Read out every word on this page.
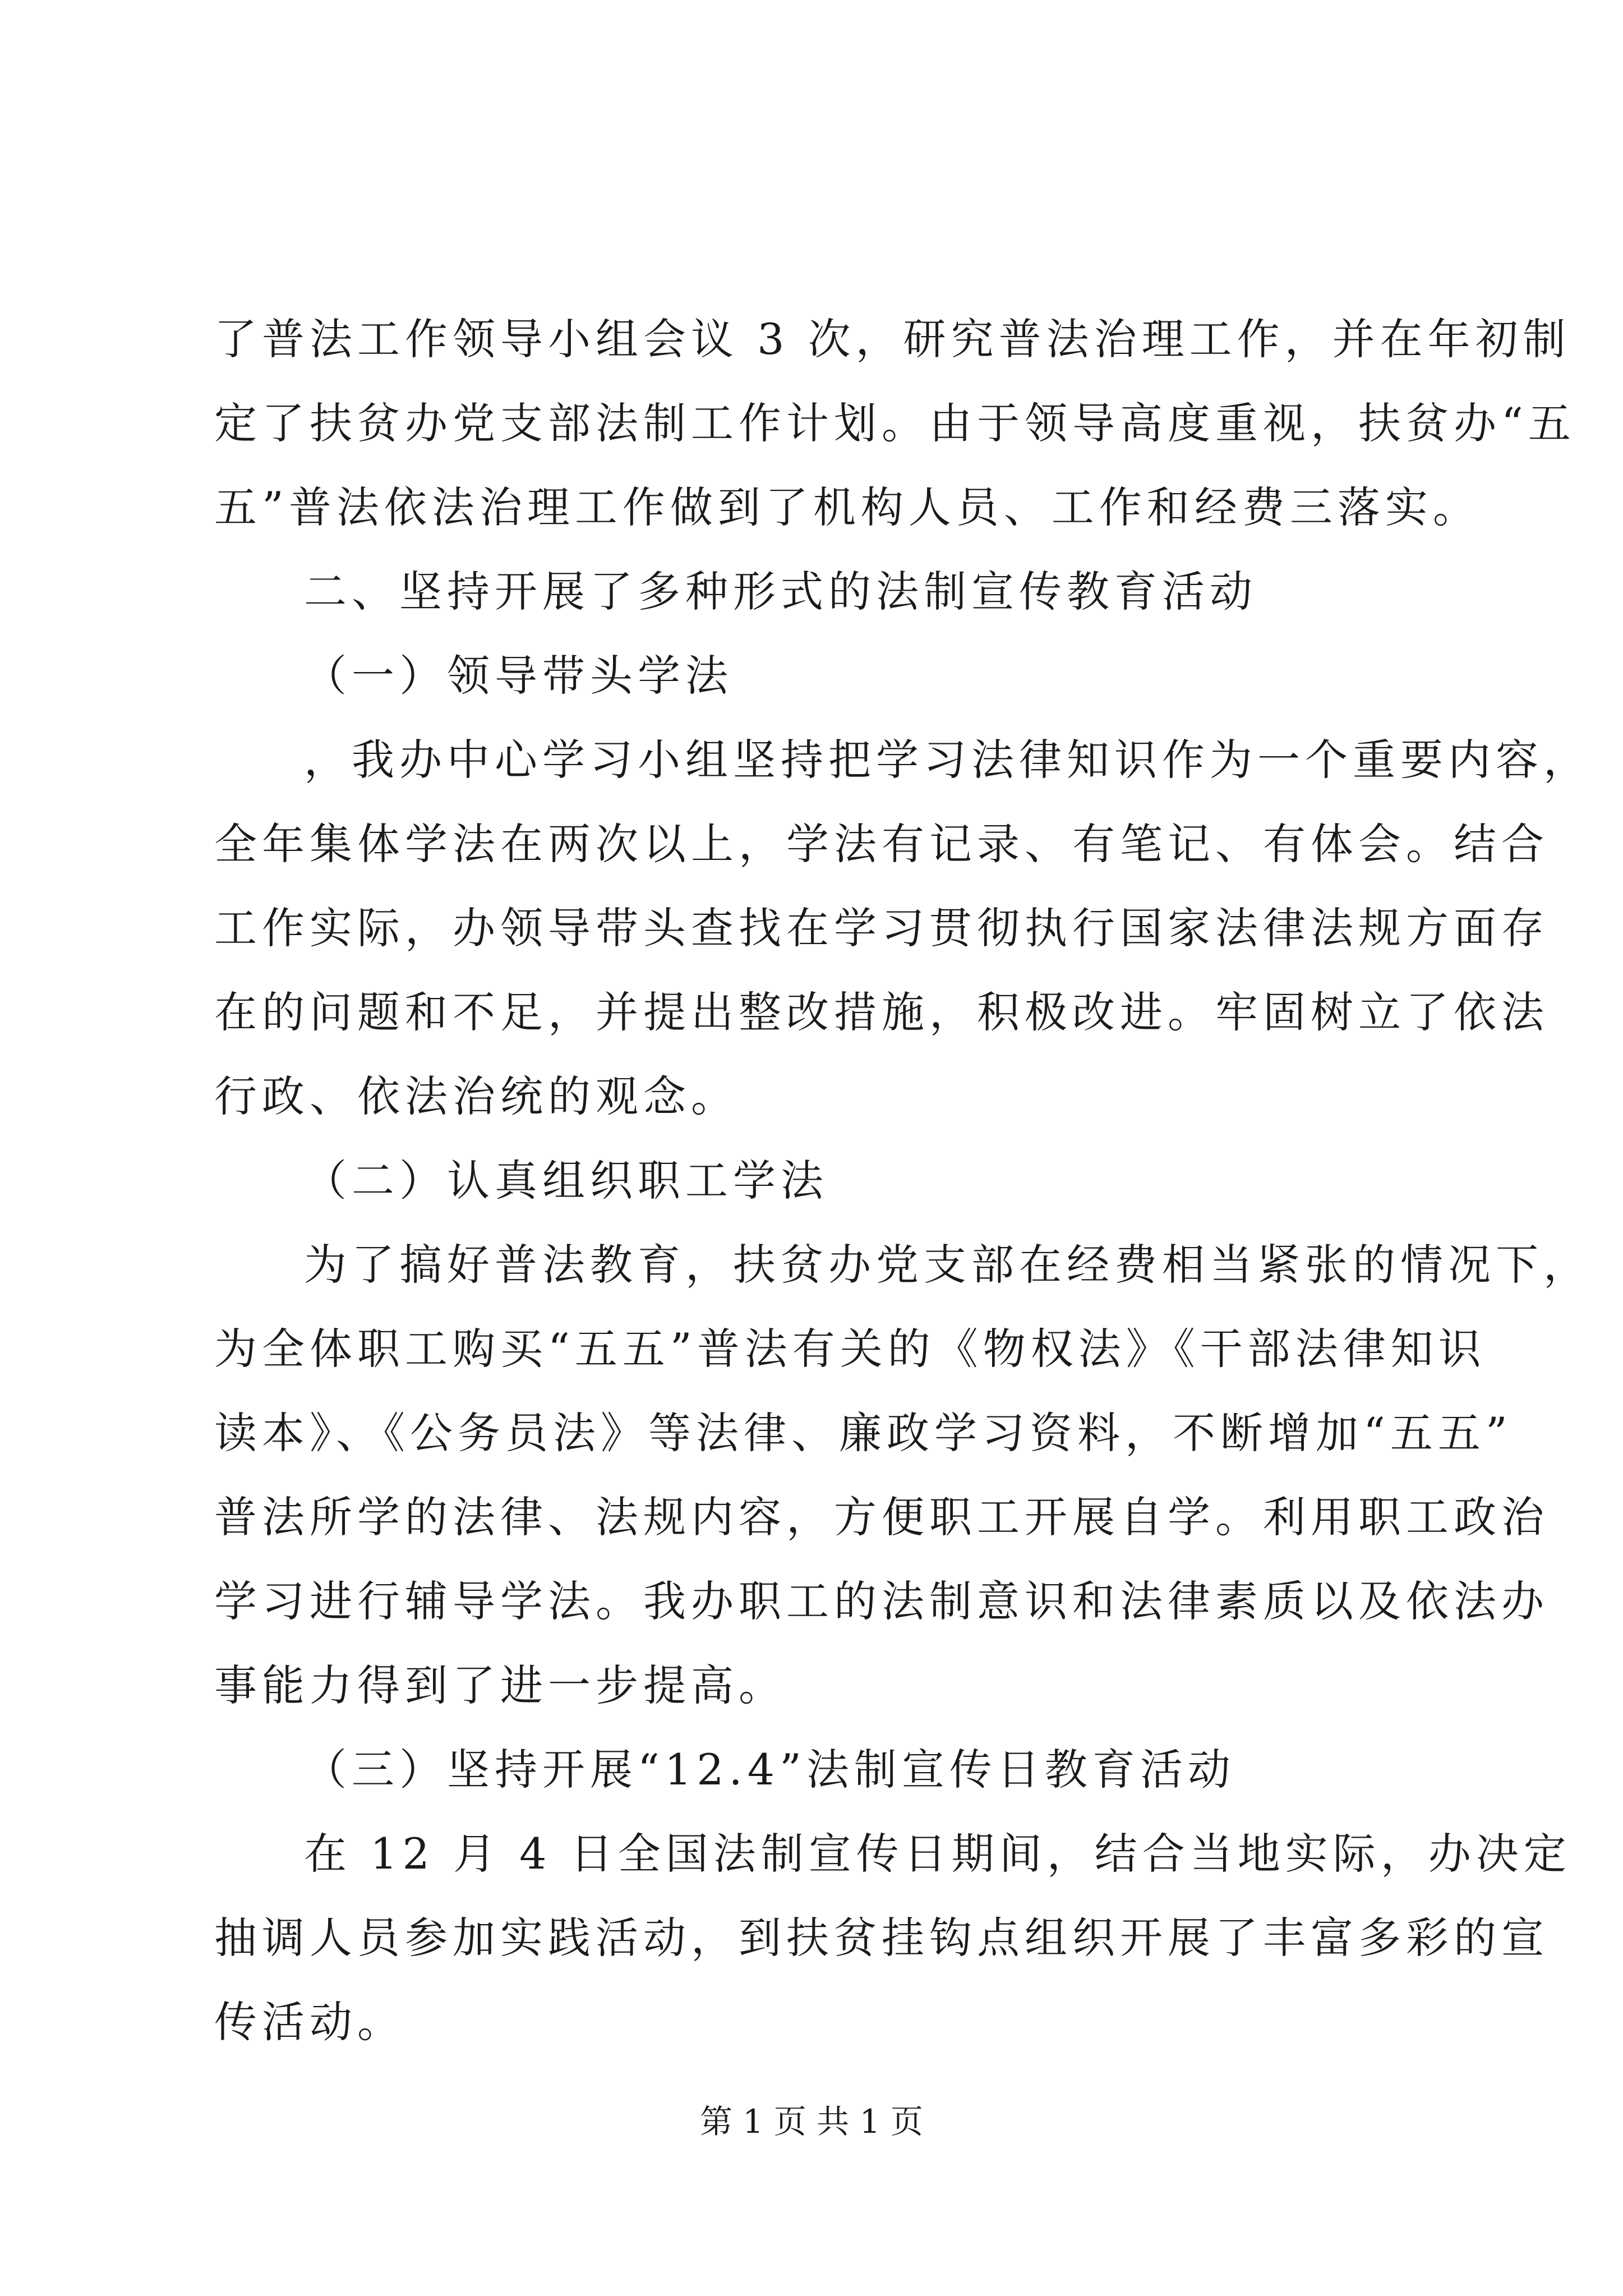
了普法工作领导小组会议 3 次，研究普法治理工作，并在年初制
定了扶贫办党支部法制工作计划。由于领导高度重视，扶贫办“五
五”普法依法治理工作做到了机构人员、工作和经费三落实。
二、坚持开展了多种形式的法制宣传教育活动
（一）领导带头学法
，我办中心学习小组坚持把学习法律知识作为一个重要内容，
全年集体学法在两次以上，学法有记录、有笔记、有体会。结合
工作实际，办领导带头查找在学习贯彻执行国家法律法规方面存
在的问题和不足，并提出整改措施，积极改进。牢固树立了依法
行政、依法治统的观念。
（二）认真组织职工学法
为了搞好普法教育，扶贫办党支部在经费相当紧张的情况下，
为全体职工购买“五五”普法有关的《物权法》《干部法律知识
读本》、《公务员法》等法律、廉政学习资料，不断增加“五五”
普法所学的法律、法规内容，方便职工开展自学。利用职工政治
学习进行辅导学法。我办职工的法制意识和法律素质以及依法办
事能力得到了进一步提高。
（三）坚持开展“12.4”法制宣传日教育活动
在 12 月 4 日全国法制宣传日期间，结合当地实际，办决定
抽调人员参加实践活动，到扶贫挂钩点组织开展了丰富多彩的宣
传活动。
第 1 页 共 1 页
